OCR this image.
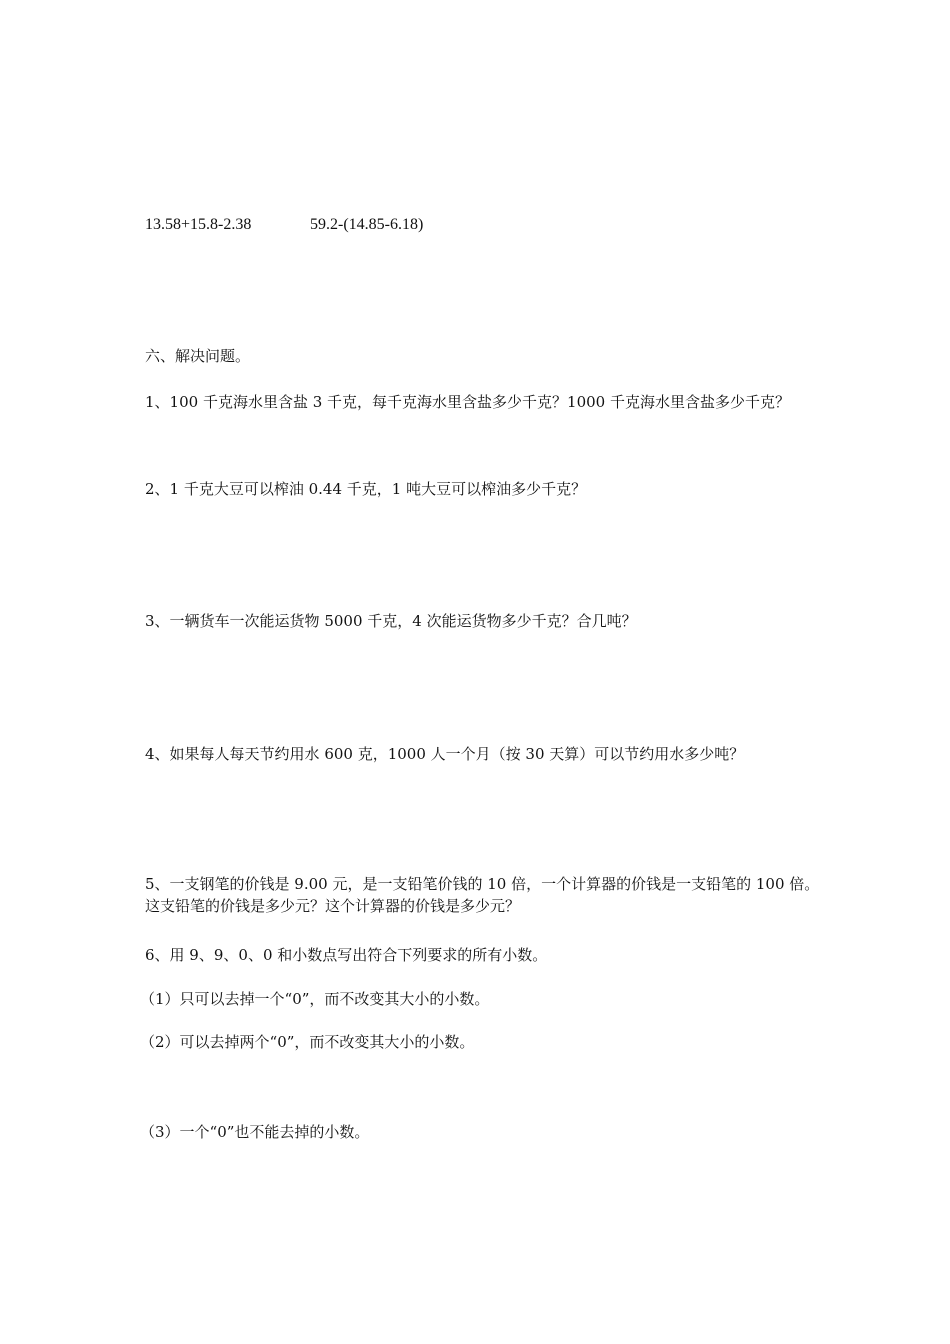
13.58+15.8-2.38	59.2-(14.85-6.18)
六、解决问题。
1、100 千克海水里含盐 3 千克，每千克海水里含盐多少千克？1000 千克海水里含盐多少千克？
2、1 千克大豆可以榨油 0.44 千克，1 吨大豆可以榨油多少千克？
3、一辆货车一次能运货物 5000 千克，4 次能运货物多少千克？合几吨？
4、如果每人每天节约用水 600 克，1000 人一个月（按 30 天算）可以节约用水多少吨？
5、一支钢笔的价钱是 9.00 元，是一支铅笔价钱的 10 倍，一个计算器的价钱是一支铅笔的 100 倍。这支铅笔的价钱是多少元？这个计算器的价钱是多少元？
6、用 9、9、0、0 和小数点写出符合下列要求的所有小数。
（1）只可以去掉一个“0”，而不改变其大小的小数。
（2）可以去掉两个“0”，而不改变其大小的小数。
（3）一个“0”也不能去掉的小数。
